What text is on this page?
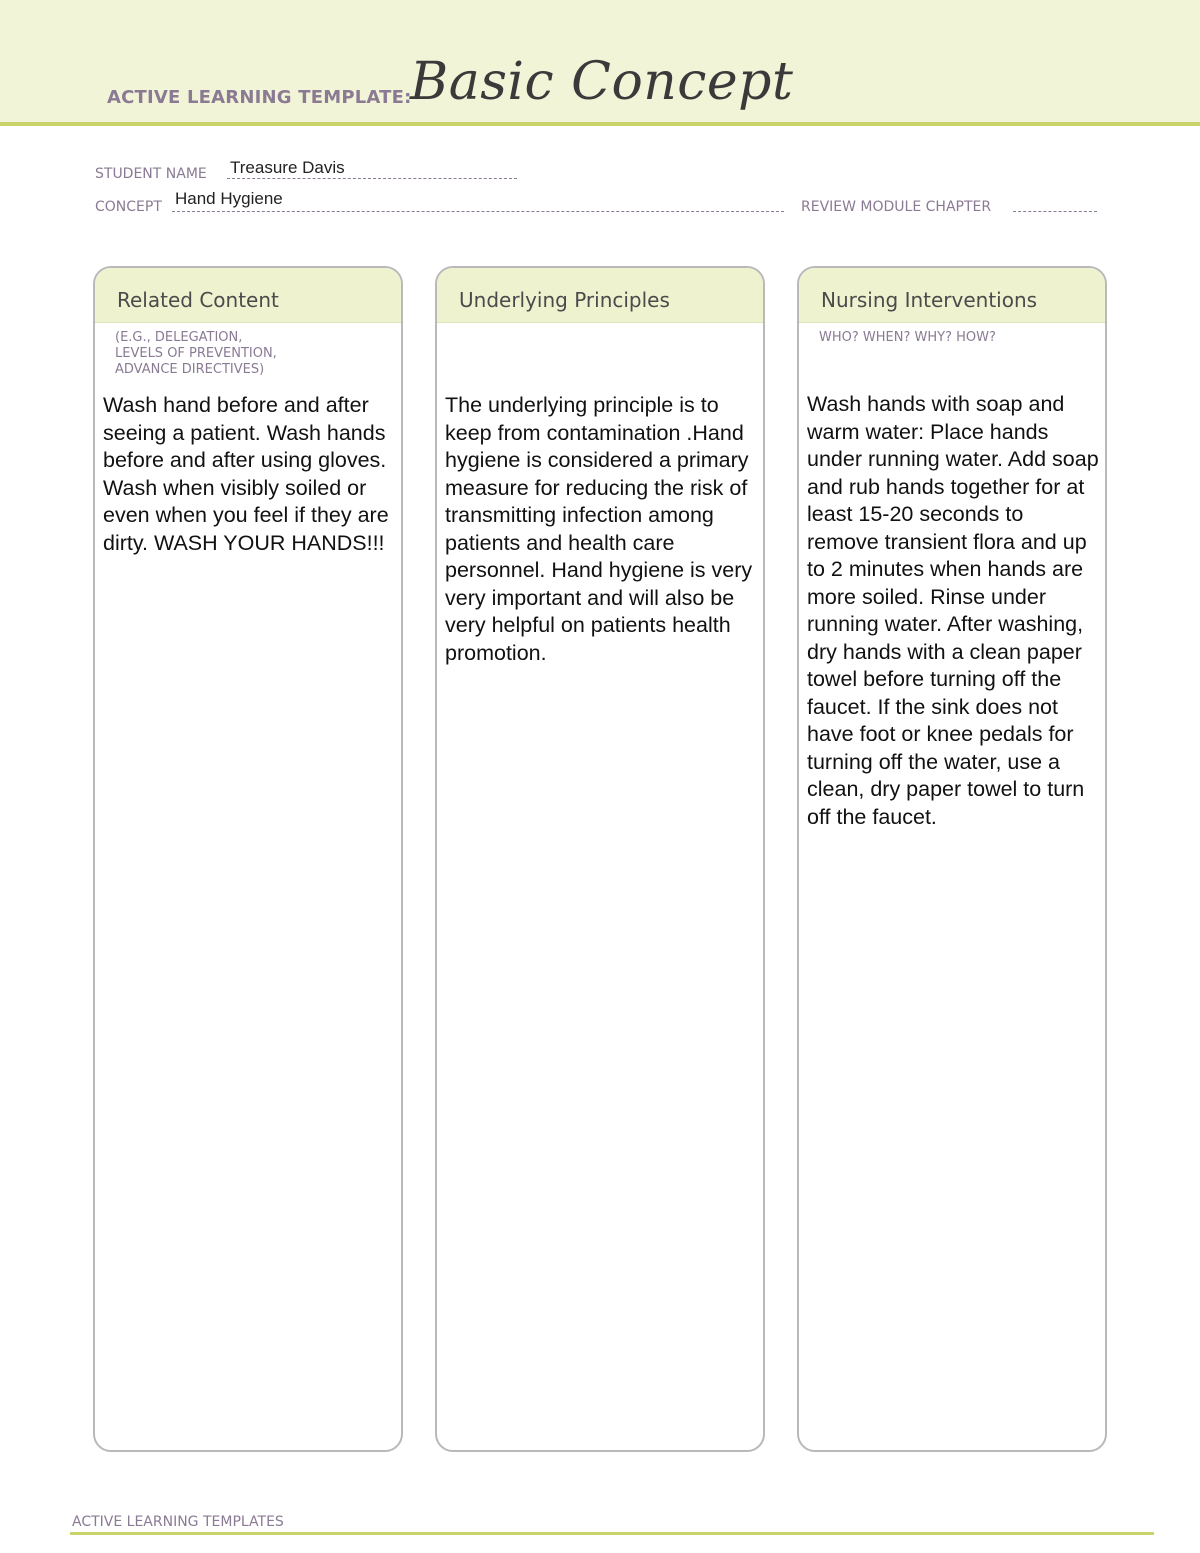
ACTIVE LEARNING TEMPLATE:
Basic Concept
STUDENT NAME Treasure Davis
CONCEPT Hand Hygiene	REVIEW MODULE CHAPTER
Related Content
(E.G., DELEGATION,
LEVELS OF PREVENTION,
ADVANCE DIRECTIVES)
Wash hand before and after seeing a patient. Wash hands before and after using gloves. Wash when visibly soiled or even when you feel if they are dirty. WASH YOUR HANDS!!!
Underlying Principles
The underlying principle is to keep from contamination .Hand hygiene is considered a primary measure for reducing the risk of transmitting infection among patients and health care personnel. Hand hygiene is very very important and will also be very helpful on patients health promotion.
Nursing Interventions
WHO? WHEN? WHY? HOW?
Wash hands with soap and warm water: Place hands under running water. Add soap and rub hands together for at least 15-20 seconds to remove transient flora and up to 2 minutes when hands are more soiled. Rinse under running water. After washing, dry hands with a clean paper towel before turning off the faucet. If the sink does not have foot or knee pedals for turning off the water, use a clean, dry paper towel to turn off the faucet.
ACTIVE LEARNING TEMPLATES
